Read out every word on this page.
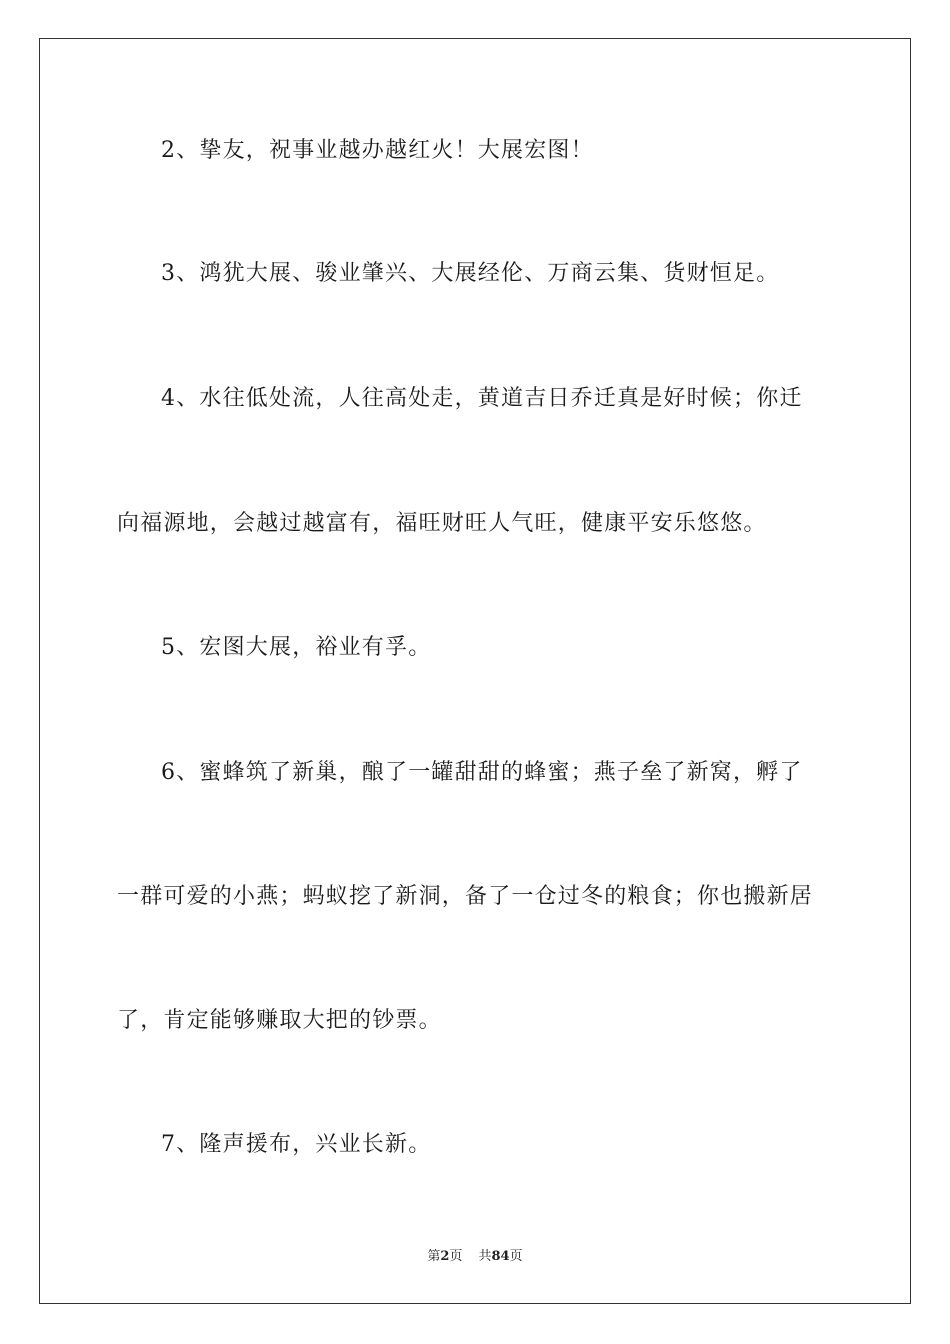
2、挚友，祝事业越办越红火！大展宏图！
3、鸿犹大展、骏业肇兴、大展经伦、万商云集、货财恒足。
4、水往低处流，人往高处走，黄道吉日乔迁真是好时候；你迁
向福源地，会越过越富有，福旺财旺人气旺，健康平安乐悠悠。
5、宏图大展，裕业有孚。
6、蜜蜂筑了新巢，酿了一罐甜甜的蜂蜜；燕子垒了新窝，孵了
一群可爱的小燕；蚂蚁挖了新洞，备了一仓过冬的粮食；你也搬新居
了，肯定能够赚取大把的钞票。
7、隆声援布，兴业长新。
第2页 共84页
